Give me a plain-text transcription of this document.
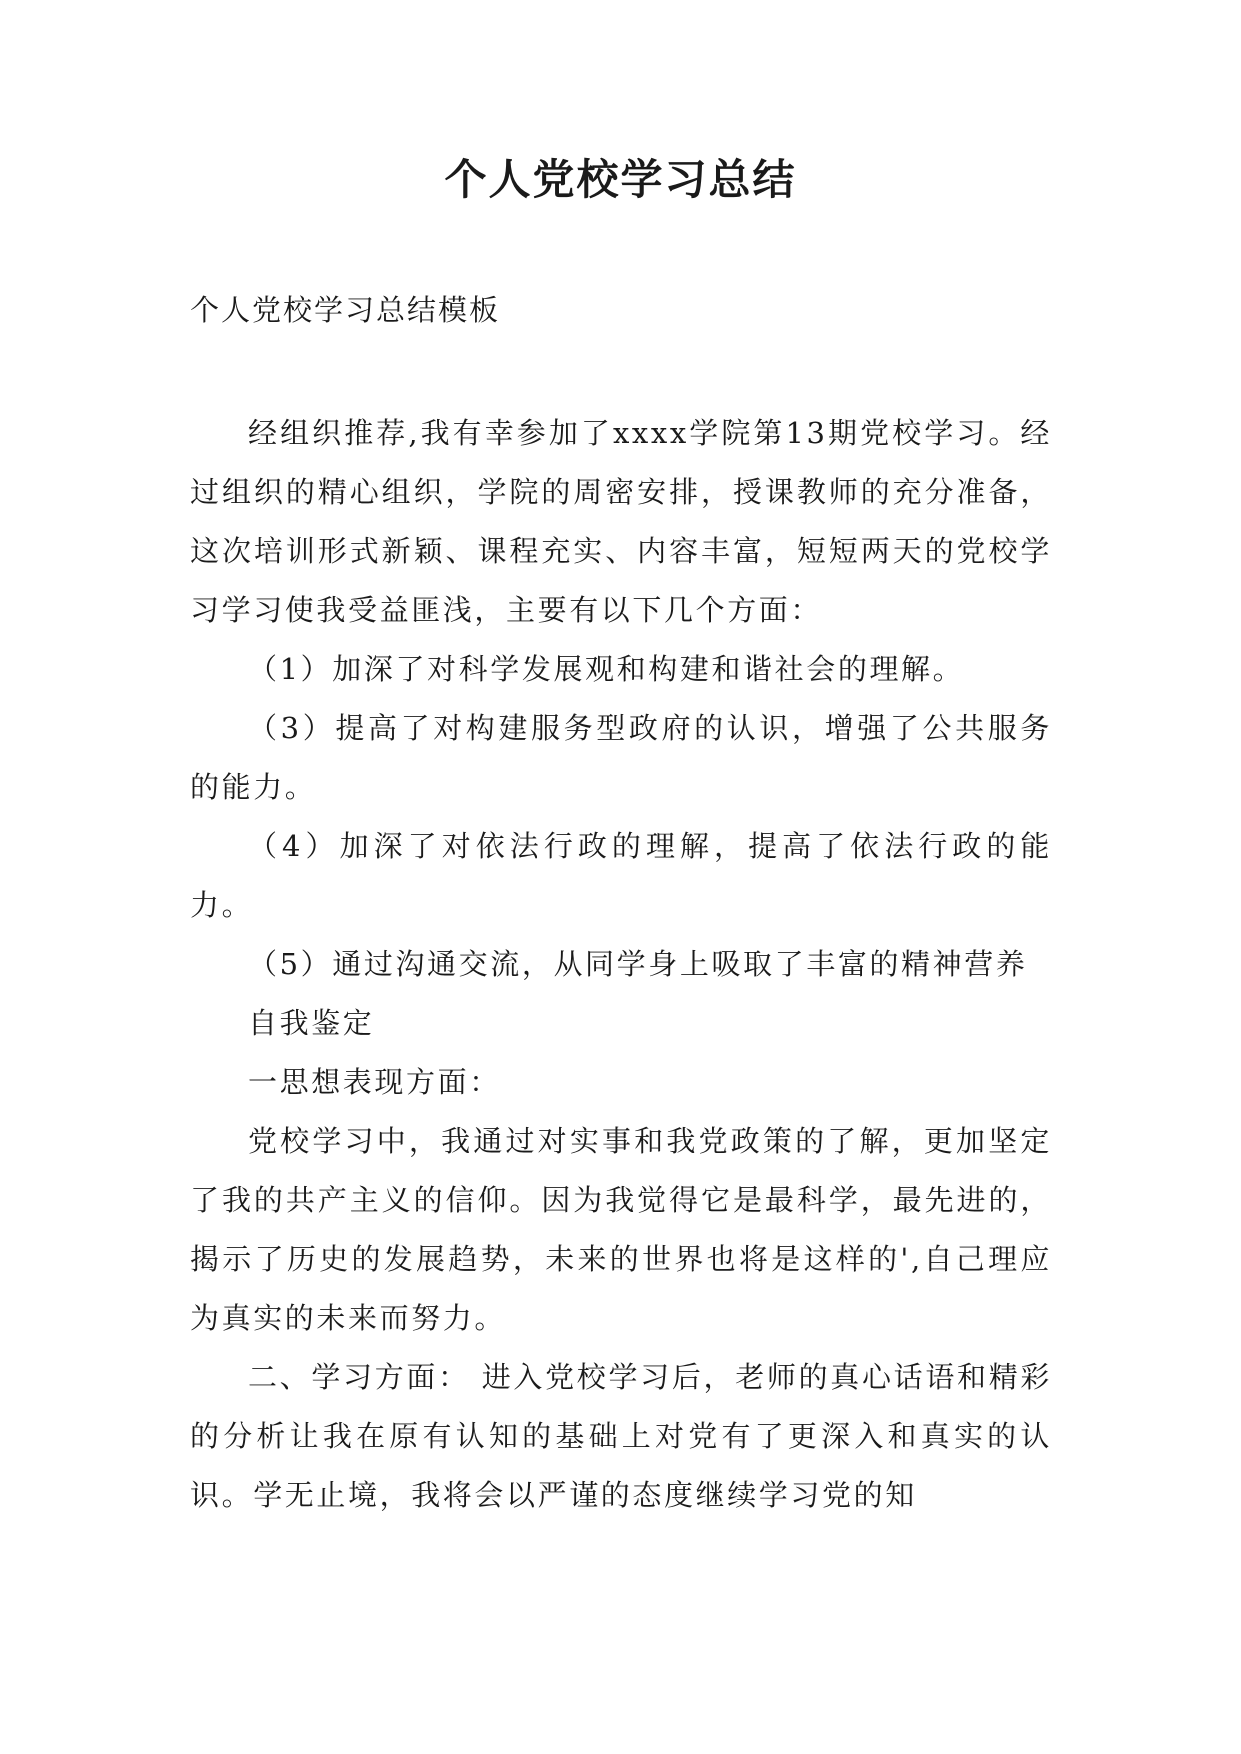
个人党校学习总结
个人党校学习总结模板

经组织推荐,我有幸参加了xxxx学院第13期党校学习。经过组织的精心组织，学院的周密安排，授课教师的充分准备，这次培训形式新颖、课程充实、内容丰富，短短两天的党校学习学习使我受益匪浅，主要有以下几个方面：

（1）加深了对科学发展观和构建和谐社会的理解。

（3）提高了对构建服务型政府的认识，增强了公共服务的能力。

（4）加深了对依法行政的理解，提高了依法行政的能力。

（5）通过沟通交流，从同学身上吸取了丰富的精神营养

自我鉴定

一思想表现方面：

党校学习中，我通过对实事和我党政策的了解，更加坚定了我的共产主义的信仰。因为我觉得它是最科学，最先进的，揭示了历史的发展趋势，未来的世界也将是这样的',自己理应为真实的未来而努力。

二、学习方面： 进入党校学习后，老师的真心话语和精彩的分析让我在原有认知的基础上对党有了更深入和真实的认识。学无止境，我将会以严谨的态度继续学习党的知
